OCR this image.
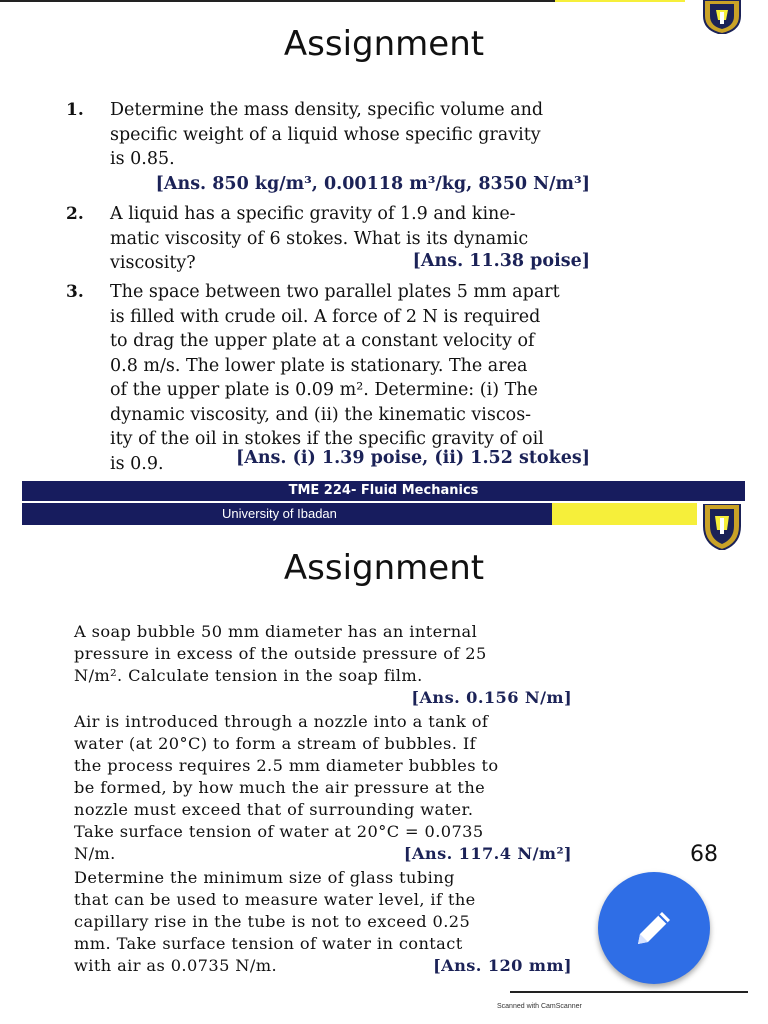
Assignment
1.	Determine the mass density, specific volume and
specific weight of a liquid whose specific gravity
is 0.85.
[Ans. 850 kg/m³, 0.00118 m³/kg, 8350 N/m³]
2.	A liquid has a specific gravity of 1.9 and kine-
matic viscosity of 6 stokes. What is its dynamic
viscosity?	[Ans. 11.38 poise]
3.	The space between two parallel plates 5 mm apart
is filled with crude oil. A force of 2 N is required
to drag the upper plate at a constant velocity of
0.8 m/s. The lower plate is stationary. The area
of the upper plate is 0.09 m². Determine: (i) The
dynamic viscosity, and (ii) the kinematic viscos-
ity of the oil in stokes if the specific gravity of oil
is 0.9.	[Ans. (i) 1.39 poise, (ii) 1.52 stokes]
TME 224- Fluid Mechanics
University of Ibadan
Assignment
A soap bubble 50 mm diameter has an internal
pressure in excess of the outside pressure of 25
N/m². Calculate tension in the soap film.
[Ans. 0.156 N/m]
Air is introduced through a nozzle into a tank of
water (at 20°C) to form a stream of bubbles. If
the process requires 2.5 mm diameter bubbles to
be formed, by how much the air pressure at the
nozzle must exceed that of surrounding water.
Take surface tension of water at 20°C = 0.0735
N/m.	[Ans. 117.4 N/m²]
Determine the minimum size of glass tubing
that can be used to measure water level, if the
capillary rise in the tube is not to exceed 0.25
mm. Take surface tension of water in contact
with air as 0.0735 N/m.	[Ans. 120 mm]
68
Scanned with CamScanner
